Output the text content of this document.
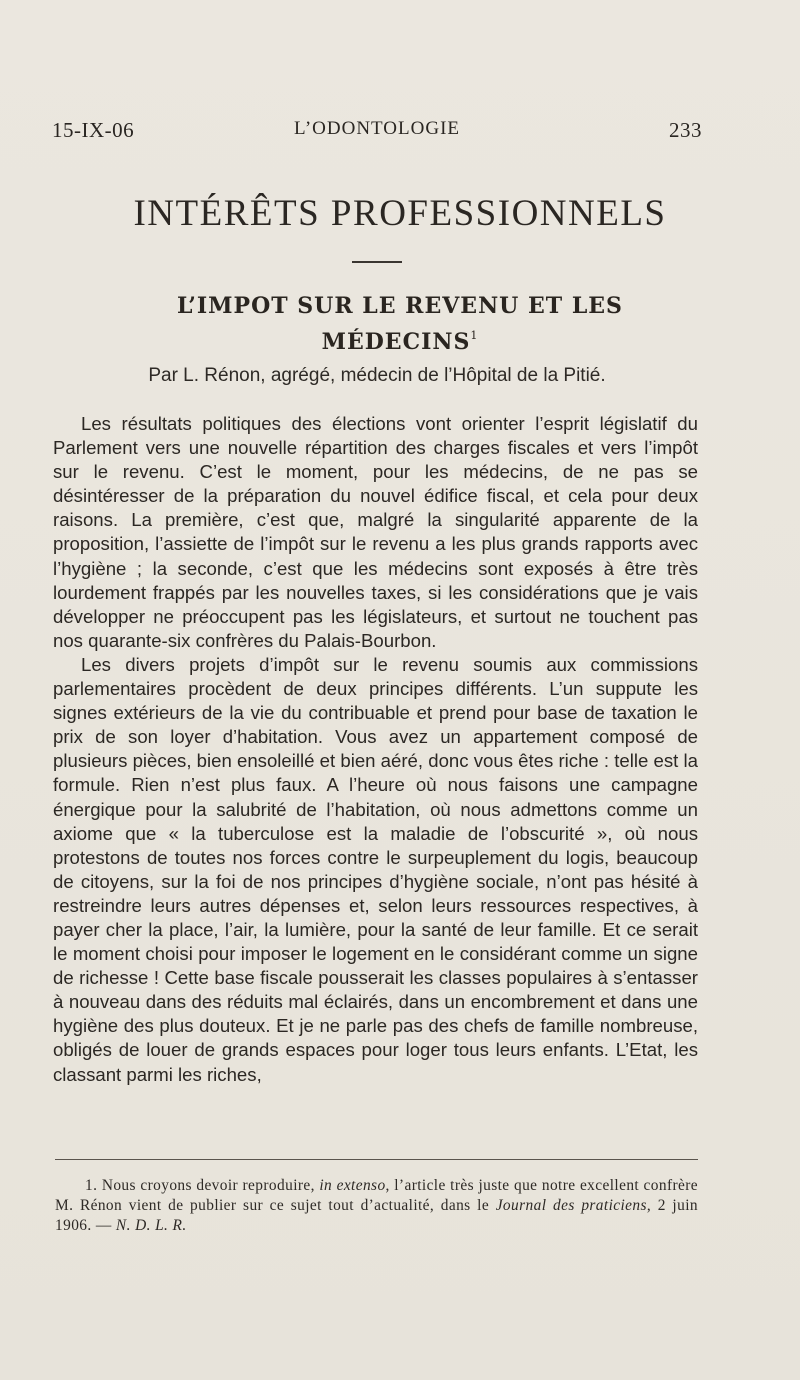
15-IX-06	L’ODONTOLOGIE	233
INTÉRÊTS PROFESSIONNELS
L’IMPOT SUR LE REVENU ET LES MÉDECINS$^1$
Par L. Rénon, agrégé, médecin de l’Hôpital de la Pitié.

Les résultats politiques des élections vont orienter l’esprit législatif du Parlement vers une nouvelle répartition des charges fiscales et vers l’impôt sur le revenu. C’est le moment, pour les médecins, de ne pas se désintéresser de la préparation du nouvel édifice fiscal, et cela pour deux raisons. La première, c’est que, malgré la singularité apparente de la proposition, l’assiette de l’impôt sur le revenu a les plus grands rapports avec l’hygiène ; la seconde, c’est que les médecins sont exposés à être très lourdement frappés par les nouvelles taxes, si les considérations que je vais développer ne préoccupent pas les législateurs, et surtout ne touchent pas nos quarante-six confrères du Palais-Bourbon.

Les divers projets d’impôt sur le revenu soumis aux commissions parlementaires procèdent de deux principes différents. L’un suppute les signes extérieurs de la vie du contribuable et prend pour base de taxation le prix de son loyer d’habitation. Vous avez un appartement composé de plusieurs pièces, bien ensoleillé et bien aéré, donc vous êtes riche : telle est la formule. Rien n’est plus faux. A l’heure où nous faisons une campagne énergique pour la salubrité de l’habitation, où nous admettons comme un axiome que « la tuberculose est la maladie de l’obscurité », où nous protestons de toutes nos forces contre le surpeuplement du logis, beaucoup de citoyens, sur la foi de nos principes d’hygiène sociale, n’ont pas hésité à restreindre leurs autres dépenses et, selon leurs ressources respectives, à payer cher la place, l’air, la lumière, pour la santé de leur famille. Et ce serait le moment choisi pour imposer le logement en le considérant comme un signe de richesse ! Cette base fiscale pousserait les classes populaires à s’entasser à nouveau dans des réduits mal éclairés, dans un encombrement et dans une hygiène des plus douteux. Et je ne parle pas des chefs de famille nombreuse, obligés de louer de grands espaces pour loger tous leurs enfants. L’Etat, les classant parmi les riches,

1. Nous croyons devoir reproduire, in extenso, l’article très juste que notre excellent confrère M. Rénon vient de publier sur ce sujet tout d’actualité, dans le Journal des praticiens, 2 juin 1906. — N. D. L. R.
